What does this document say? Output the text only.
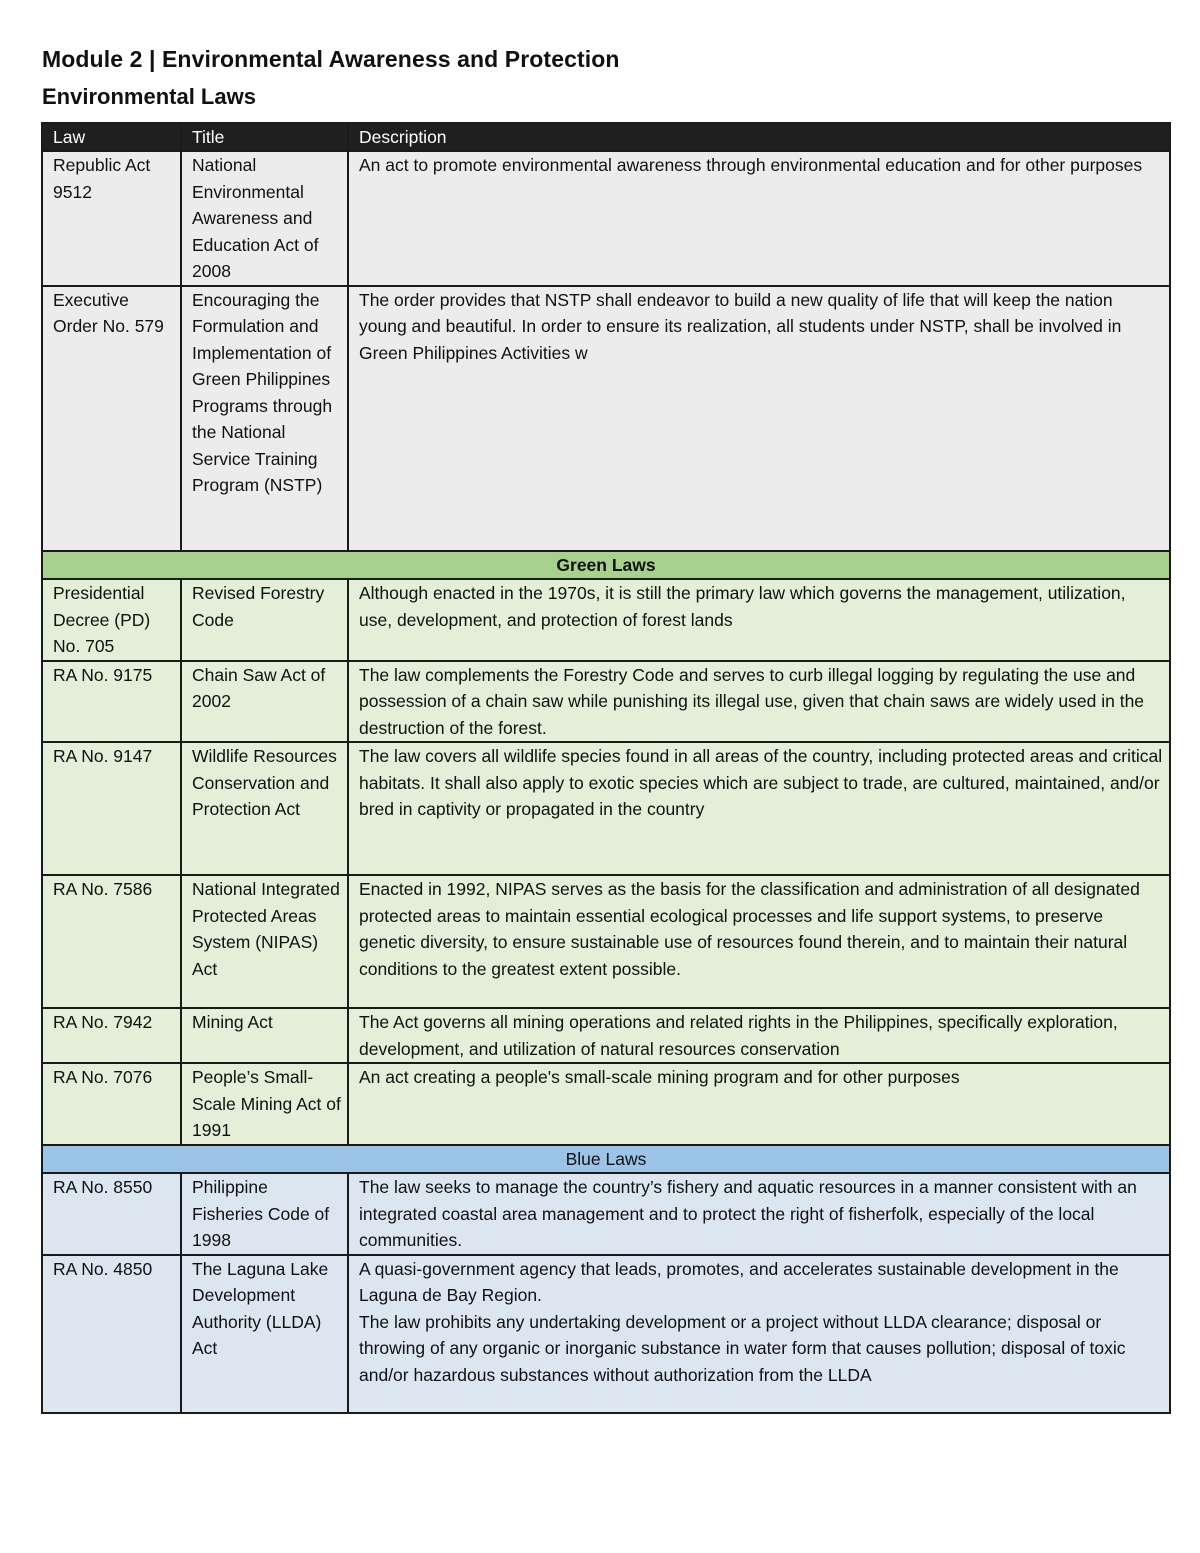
Module 2 | Environmental Awareness and Protection
Environmental Laws
Law	Title	Description
Republic Act 9512	National Environmental Awareness and Education Act of 2008	An act to promote environmental awareness through environmental education and for other purposes
Executive Order No. 579	Encouraging the Formulation and Implementation of Green Philippines Programs through the National Service Training Program (NSTP)	The order provides that NSTP shall endeavor to build a new quality of life that will keep the nation young and beautiful. In order to ensure its realization, all students under NSTP, shall be involved in Green Philippines Activities w
Green Laws		
Presidential Decree (PD) No. 705	Revised Forestry Code	Although enacted in the 1970s, it is still the primary law which governs the management, utilization, use, development, and protection of forest lands
RA No. 9175	Chain Saw Act of 2002	The law complements the Forestry Code and serves to curb illegal logging by regulating the use and possession of a chain saw while punishing its illegal use, given that chain saws are widely used in the destruction of the forest.
RA No. 9147	Wildlife Resources Conservation and Protection Act	The law covers all wildlife species found in all areas of the country, including protected areas and critical habitats. It shall also apply to exotic species which are subject to trade, are cultured, maintained, and/or bred in captivity or propagated in the country
RA No. 7586	National Integrated Protected Areas System (NIPAS) Act	Enacted in 1992, NIPAS serves as the basis for the classification and administration of all designated protected areas to maintain essential ecological processes and life support systems, to preserve genetic diversity, to ensure sustainable use of resources found therein, and to maintain their natural conditions to the greatest extent possible.
RA No. 7942	Mining Act	The Act governs all mining operations and related rights in the Philippines, specifically exploration, development, and utilization of natural resources conservation
RA No. 7076	People’s Small-Scale Mining Act of 1991	An act creating a people's small-scale mining program and for other purposes
Blue Laws		
RA No. 8550	Philippine Fisheries Code of 1998	The law seeks to manage the country’s fishery and aquatic resources in a manner consistent with an integrated coastal area management and to protect the right of fisherfolk, especially of the local communities.
RA No. 4850	The Laguna Lake Development Authority (LLDA) Act	A quasi-government agency that leads, promotes, and accelerates sustainable development in the Laguna de Bay Region.
The law prohibits any undertaking development or a project without LLDA clearance; disposal or throwing of any organic or inorganic substance in water form that causes pollution; disposal of toxic and/or hazardous substances without authorization from the LLDA
